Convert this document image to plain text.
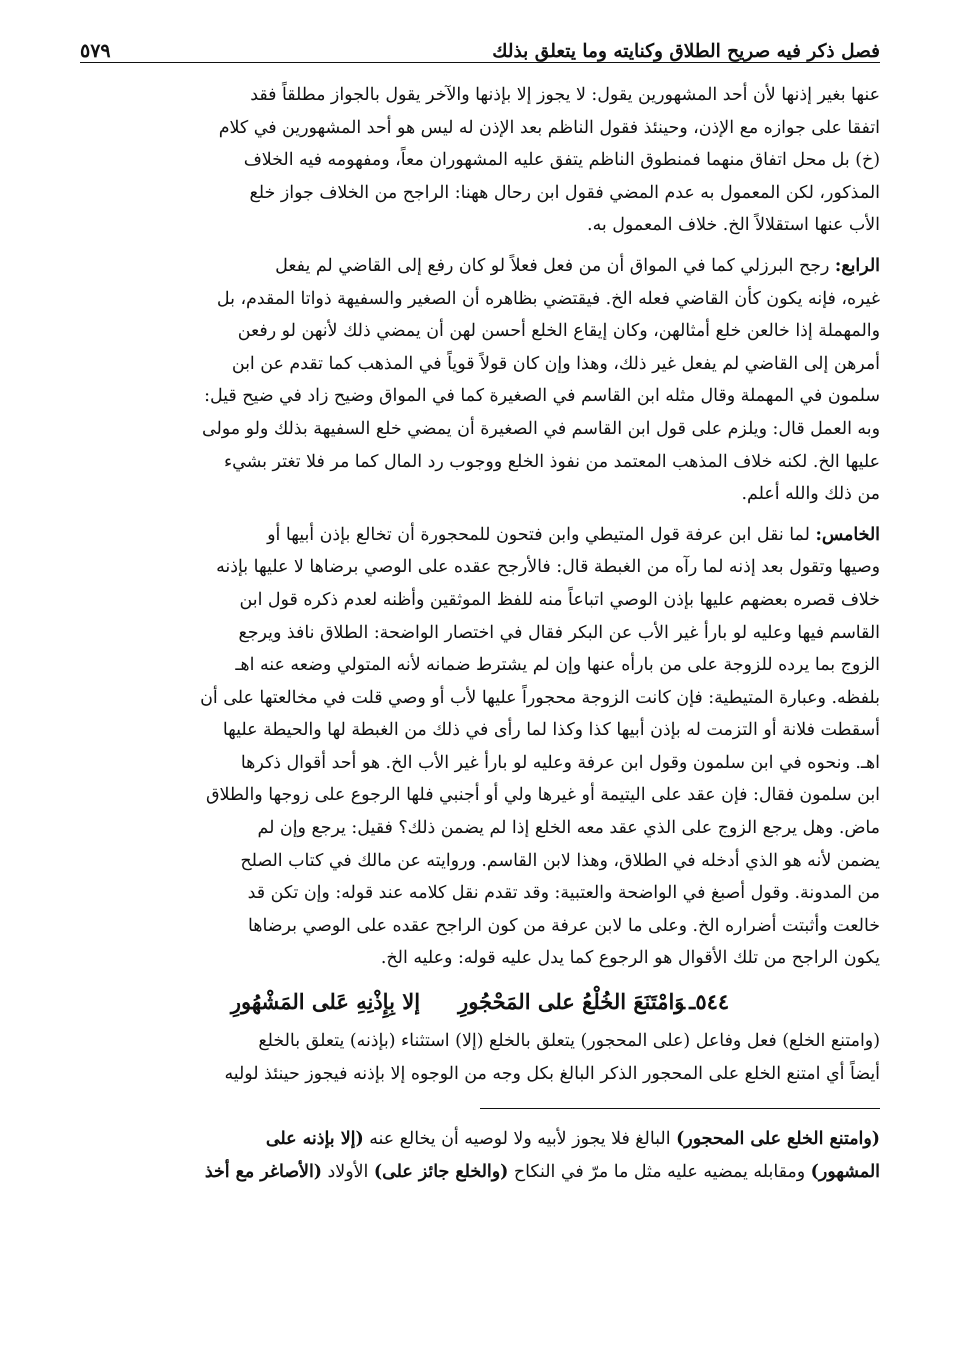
فصل ذكر فيه صريح الطلاق وكنايته وما يتعلق بذلك
٥٧٩
عنها بغير إذنها لأن أحد المشهورين يقول: لا يجوز إلا بإذنها والآخر يقول بالجواز مطلقاً فقد
اتفقا على جوازه مع الإذن، وحينئذ فقول الناظم بعد الإذن له ليس هو أحد المشهورين في كلام
(خ) بل محل اتفاق منهما فمنطوق الناظم يتفق عليه المشهوران معاً، ومفهومه فيه الخلاف
المذكور، لكن المعمول به عدم المضي فقول ابن رحال ههنا: الراجح من الخلاف جواز خلع
الأب عنها استقلالاً الخ. خلاف المعمول به.
الرابع: رجح البرزلي كما في المواق أن من فعل فعلاً لو كان رفع إلى القاضي لم يفعل
غيره، فإنه يكون كأن القاضي فعله الخ. فيقتضي بظاهره أن الصغير والسفيهة ذواتا المقدم، بل
والمهملة إذا خالعن خلع أمثالهن، وكان إيقاع الخلع أحسن لهن أن يمضي ذلك لأنهن لو رفعن
أمرهن إلى القاضي لم يفعل غير ذلك، وهذا وإن كان قولاً قوياً في المذهب كما تقدم عن ابن
سلمون في المهملة وقال مثله ابن القاسم في الصغيرة كما في المواق وضيح زاد في ضيح قيل:
وبه العمل قال: ويلزم على قول ابن القاسم في الصغيرة أن يمضي خلع السفيهة بذلك ولو مولى
عليها الخ. لكنه خلاف المذهب المعتمد من نفوذ الخلع ووجوب رد المال كما مر فلا تغتر بشيء
من ذلك والله أعلم.
الخامس: لما نقل ابن عرفة قول المتيطي وابن فتحون للمحجورة أن تخالع بإذن أبيها أو
وصيها وتقول بعد إذنه لما رآه من الغبطة قال: فالأرجح عقده على الوصي برضاها لا عليها بإذنه
خلاف قصره بعضهم عليها بإذن الوصي اتباعاً منه للفظ الموثقين وأظنه لعدم ذكره قول ابن
القاسم فيها وعليه لو بارأ غير الأب عن البكر فقال في اختصار الواضحة: الطلاق نافذ ويرجع
الزوج بما يرده للزوجة على من بارأه عنها وإن لم يشترط ضمانه لأنه المتولي وضعه عنه اهـ
بلفظه. وعبارة المتيطية: فإن كانت الزوجة محجوراً عليها لأب أو وصي قلت في مخالعتها على أن
أسقطت فلانة أو التزمت له بإذن أبيها كذا وكذا لما رأى في ذلك من الغبطة لها والحيطة عليها
اهـ. ونحوه في ابن سلمون وقول ابن عرفة وعليه لو بارأ غير الأب الخ. هو أحد أقوال ذكرها
ابن سلمون فقال: فإن عقد على اليتيمة أو غيرها ولي أو أجنبي فلها الرجوع على زوجها والطلاق
ماض. وهل يرجع الزوج على الذي عقد معه الخلع إذا لم يضمن ذلك؟ فقيل: يرجع وإن لم
يضمن لأنه هو الذي أدخله في الطلاق، وهذا لابن القاسم. وروايته عن مالك في كتاب الصلح
من المدونة. وقول أصبغ في الواضحة والعتبية: وقد تقدم نقل كلامه عند قوله: وإن تكن قد
خالعت وأثبتت أضراره الخ. وعلى ما لابن عرفة من كون الراجح عقده على الوصي برضاها
يكون الراجح من تلك الأقوال هو الرجوع كما يدل عليه قوله: وعليه الخ.
٥٤٤ـوَامْتَنَعَ الخُلْعُ على المَحْجُورِ
إلا بِإِذْنِهِ عَلى المَشْهُورِ
(وامتنع الخلع) فعل وفاعل (على المحجور) يتعلق بالخلع (إلا) استثناء (بإذنه) يتعلق بالخلع
أيضاً أي امتنع الخلع على المحجور الذكر البالغ بكل وجه من الوجوه إلا بإذنه فيجوز حينئذ لوليه
(وامتنع الخلع على المحجور) البالغ فلا يجوز لأبيه ولا لوصيه أن يخالع عنه (إلا بإذنه على
المشهور) ومقابله يمضيه عليه مثل ما مرّ في النكاح (والخلع جائز على) الأولاد (الأصاغر مع أخذ
